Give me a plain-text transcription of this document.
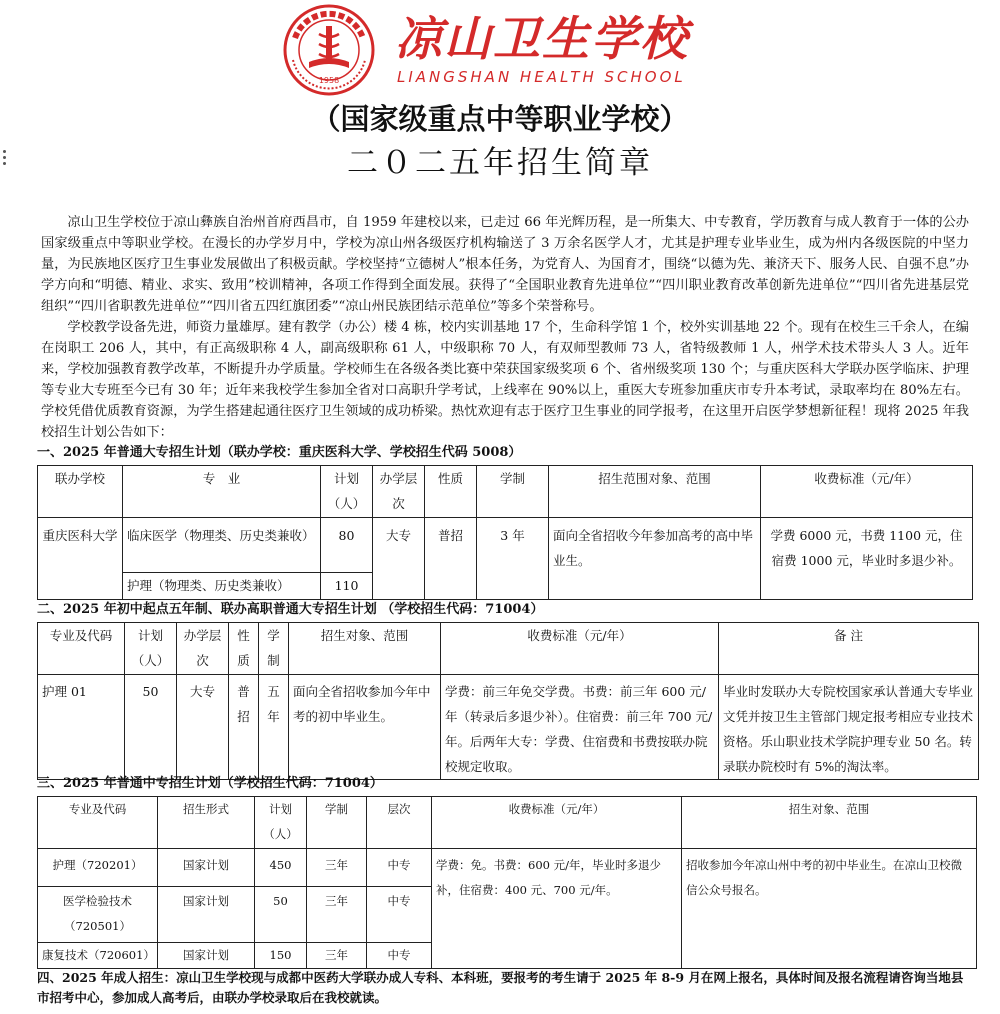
1958
凉山卫生学校
LIANGSHAN HEALTH SCHOOL
（国家级重点中等职业学校）
二０二五年招生简章

凉山卫生学校位于凉山彝族自治州首府西昌市，自 1959 年建校以来，已走过 66 年光辉历程，是一所集大、中专教育，学历教育与成人教育于一体的公办国家级重点中等职业学校。在漫长的办学岁月中，学校为凉山州各级医疗机构输送了 3 万余名医学人才，尤其是护理专业毕业生，成为州内各级医院的中坚力量，为民族地区医疗卫生事业发展做出了积极贡献。学校坚持“立德树人”根本任务，为党育人、为国育才，围绕“以德为先、兼济天下、服务人民、自强不息”办学方向和“明德、精业、求实、致用”校训精神，各项工作得到全面发展。获得了“全国职业教育先进单位”“四川职业教育改革创新先进单位”“四川省先进基层党组织”“四川省职教先进单位”“四川省五四红旗团委”“凉山州民族团结示范单位”等多个荣誉称号。

学校教学设备先进，师资力量雄厚。建有教学（办公）楼 4 栋，校内实训基地 17 个，生命科学馆 1 个，校外实训基地 22 个。现有在校生三千余人，在编在岗职工 206 人，其中，有正高级职称 4 人，副高级职称 61 人，中级职称 70 人，有双师型教师 73 人，省特级教师 1 人，州学术技术带头人 3 人。近年来，学校加强教育教学改革，不断提升办学质量。学校师生在各级各类比赛中荣获国家级奖项 6 个、省州级奖项 130 个；与重庆医科大学联办医学临床、护理等专业大专班至今已有 30 年；近年来我校学生参加全省对口高职升学考试，上线率在 90%以上，重医大专班参加重庆市专升本考试，录取率均在 80%左右。学校凭借优质教育资源，为学生搭建起通往医疗卫生领域的成功桥梁。热忱欢迎有志于医疗卫生事业的同学报考，在这里开启医学梦想新征程！现将 2025 年我校招生计划公告如下：

一、2025 年普通大专招生计划（联办学校：重庆医科大学、学校招生代码 5008）
联办学校	专　业	计划（人）	办学层次	性质	学制	招生范围对象、范围	收费标准（元/年）
重庆医科大学	临床医学（物理类、历史类兼收）	80	大专	普招	3 年	面向全省招收今年参加高考的高中毕业生。	学费 6000 元，书费 1100 元，住宿费 1000 元，毕业时多退少补。
	护理（物理类、历史类兼收）	110					
二、2025 年初中起点五年制、联办高职普通大专招生计划 （学校招生代码：71004）
专业及代码	计划（人）	办学层次	性质	学制	招生对象、范围	收费标准（元/年）	备 注
护理 01	50	大专	普招	五年	面向全省招收参加今年中考的初中毕业生。	学费：前三年免交学费。书费：前三年 600 元/年（转录后多退少补）。住宿费：前三年 700 元/年。后两年大专：学费、住宿费和书费按联办院校规定收取。	毕业时发联办大专院校国家承认普通大专毕业文凭并按卫生主管部门规定报考相应专业技术资格。乐山职业技术学院护理专业 50 名。转录联办院校时有 5%的淘汰率。
三、2025 年普通中专招生计划（学校招生代码：71004）
专业及代码	招生形式	计划（人）	学制	层次	收费标准（元/年）	招生对象、范围
护理（720201）	国家计划	450	三年	中专	学费：免。书费：600 元/年，毕业时多退少补，住宿费：400 元、700 元/年。	招收参加今年凉山州中考的初中毕业生。在凉山卫校微信公众号报名。
医学检验技术（720501）	国家计划	50	三年	中专		
康复技术（720601）	国家计划	150	三年	中专		
四、2025 年成人招生：凉山卫生学校现与成都中医药大学联办成人专科、本科班，要报考的考生请于 2025 年 8-9 月在网上报名，具体时间及报名流程请咨询当地县市招考中心，参加成人高考后，由联办学校录取后在我校就读。
